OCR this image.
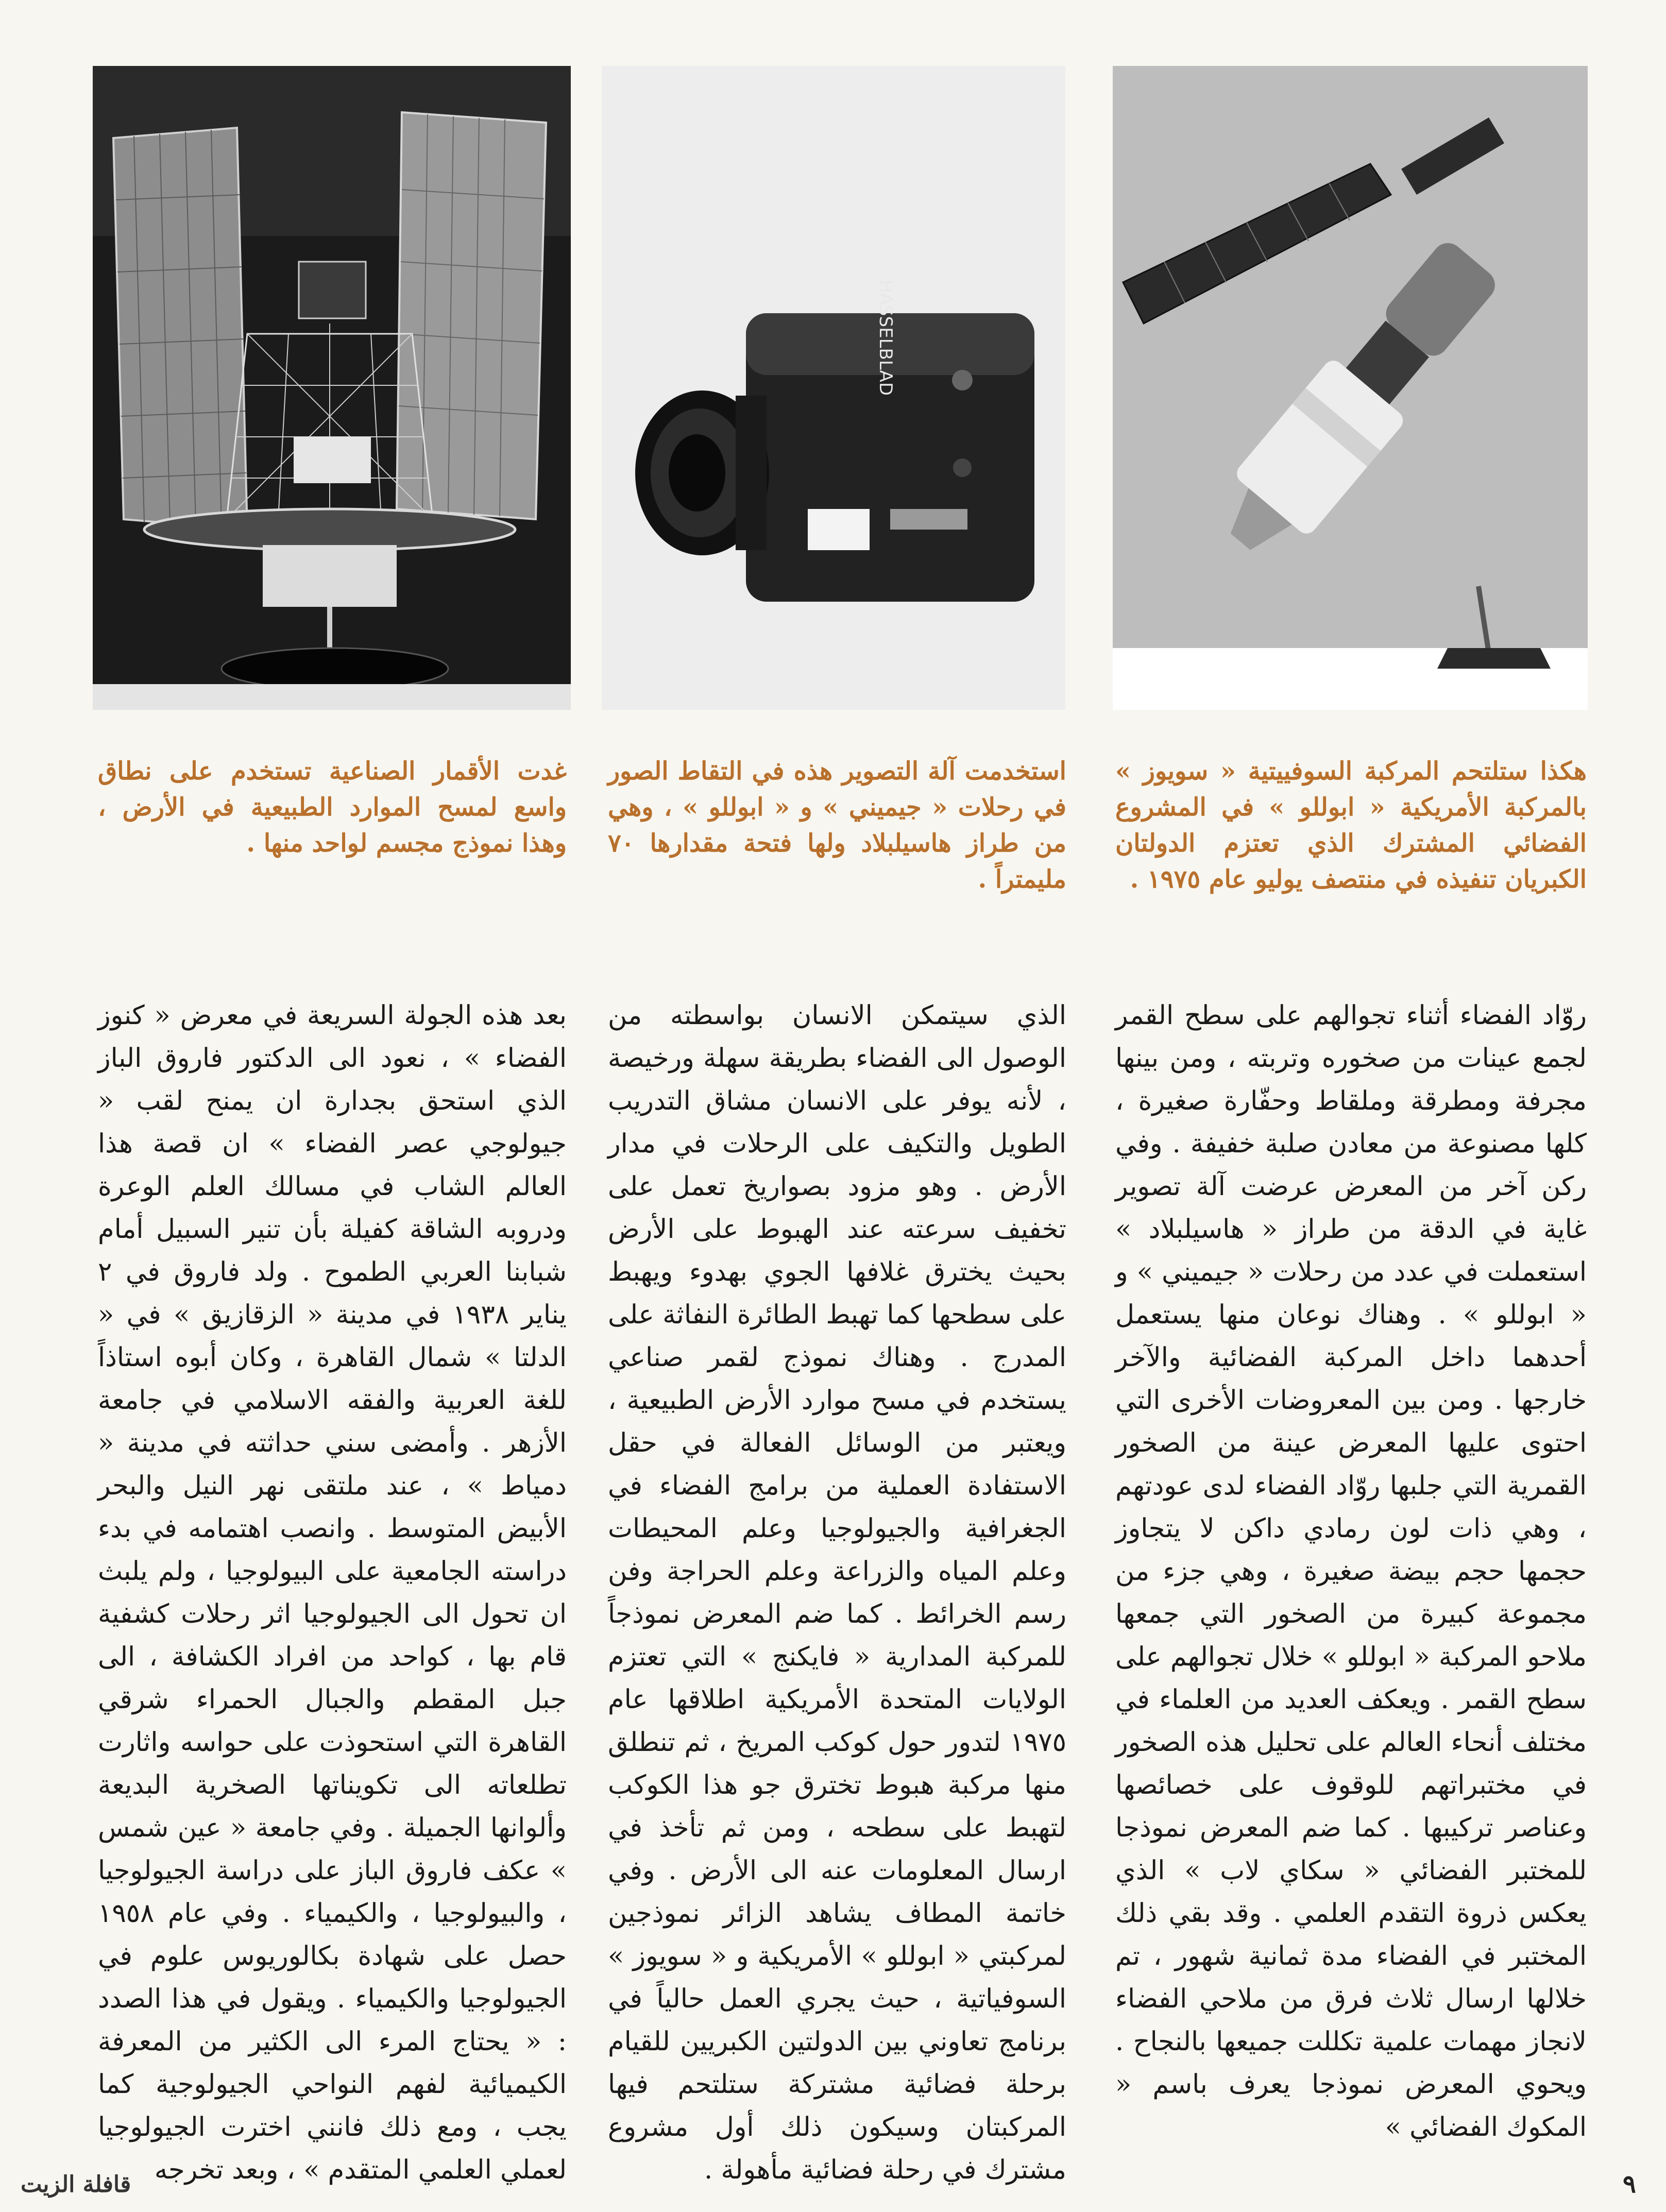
HASSELBLAD
غدت الأقمار الصناعية تستخدم على نطاق واسع لمسح الموارد الطبيعية في الأرض ، وهذا نموذج مجسم لواحد منها .
استخدمت آلة التصوير هذه في التقاط الصور في رحلات « جيميني » و « ابوللو » ، وهي من طراز هاسيلبلاد ولها فتحة مقدارها ٧٠ مليمتراً .
هكذا ستلتحم المركبة السوفييتية « سويوز » بالمركبة الأمريكية « ابوللو » في المشروع الفضائي المشترك الذي تعتزم الدولتان الكبريان تنفيذه في منتصف يوليو عام ١٩٧٥ .
روّاد الفضاء أثناء تجوالهم على سطح القمر لجمع عينات من صخوره وتربته ، ومن بينها مجرفة ومطرقة وملقاط وحفّارة صغيرة ، كلها مصنوعة من معادن صلبة خفيفة . وفي ركن آخر من المعرض عرضت آلة تصوير غاية في الدقة من طراز « هاسيلبلاد » استعملت في عدد من رحلات « جيميني » و « ابوللو » . وهناك نوعان منها يستعمل أحدهما داخل المركبة الفضائية والآخر خارجها . ومن بين المعروضات الأخرى التي احتوى عليها المعرض عينة من الصخور القمرية التي جلبها روّاد الفضاء لدى عودتهم ، وهي ذات لون رمادي داكن لا يتجاوز حجمها حجم بيضة صغيرة ، وهي جزء من مجموعة كبيرة من الصخور التي جمعها ملاحو المركبة « ابوللو » خلال تجوالهم على سطح القمر . ويعكف العديد من العلماء في مختلف أنحاء العالم على تحليل هذه الصخور في مختبراتهم للوقوف على خصائصها وعناصر تركيبها . كما ضم المعرض نموذجا للمختبر الفضائي « سكاي لاب » الذي يعكس ذروة التقدم العلمي . وقد بقي ذلك المختبر في الفضاء مدة ثمانية شهور ، تم خلالها ارسال ثلاث فرق من ملاحي الفضاء لانجاز مهمات علمية تكللت جميعها بالنجاح . ويحوي المعرض نموذجا يعرف باسم « المكوك الفضائي »
الذي سيتمكن الانسان بواسطته من الوصول الى الفضاء بطريقة سهلة ورخيصة ، لأنه يوفر على الانسان مشاق التدريب الطويل والتكيف على الرحلات في مدار الأرض . وهو مزود بصواريخ تعمل على تخفيف سرعته عند الهبوط على الأرض بحيث يخترق غلافها الجوي بهدوء ويهبط على سطحها كما تهبط الطائرة النفاثة على المدرج . وهناك نموذج لقمر صناعي يستخدم في مسح موارد الأرض الطبيعية ، ويعتبر من الوسائل الفعالة في حقل الاستفادة العملية من برامج الفضاء في الجغرافية والجيولوجيا وعلم المحيطات وعلم المياه والزراعة وعلم الحراجة وفن رسم الخرائط . كما ضم المعرض نموذجاً للمركبة المدارية « فايكنج » التي تعتزم الولايات المتحدة الأمريكية اطلاقها عام ١٩٧٥ لتدور حول كوكب المريخ ، ثم تنطلق منها مركبة هبوط تخترق جو هذا الكوكب لتهبط على سطحه ، ومن ثم تأخذ في ارسال المعلومات عنه الى الأرض . وفي خاتمة المطاف يشاهد الزائر نموذجين لمركبتي « ابوللو » الأمريكية و « سويوز » السوفياتية ، حيث يجري العمل حالياً في برنامج تعاوني بين الدولتين الكبريين للقيام برحلة فضائية مشتركة ستلتحم فيها المركبتان وسيكون ذلك أول مشروع مشترك في رحلة فضائية مأهولة .
بعد هذه الجولة السريعة في معرض « كنوز الفضاء » ، نعود الى الدكتور فاروق الباز الذي استحق بجدارة ان يمنح لقب « جيولوجي عصر الفضاء » ان قصة هذا العالم الشاب في مسالك العلم الوعرة ودروبه الشاقة كفيلة بأن تنير السبيل أمام شبابنا العربي الطموح . ولد فاروق في ٢ يناير ١٩٣٨ في مدينة « الزقازيق » في « الدلتا » شمال القاهرة ، وكان أبوه استاذاً للغة العربية والفقه الاسلامي في جامعة الأزهر . وأمضى سني حداثته في مدينة « دمياط » ، عند ملتقى نهر النيل والبحر الأبيض المتوسط . وانصب اهتمامه في بدء دراسته الجامعية على البيولوجيا ، ولم يلبث ان تحول الى الجيولوجيا اثر رحلات كشفية قام بها ، كواحد من افراد الكشافة ، الى جبل المقطم والجبال الحمراء شرقي القاهرة التي استحوذت على حواسه واثارت تطلعاته الى تكويناتها الصخرية البديعة وألوانها الجميلة . وفي جامعة « عين شمس » عكف فاروق الباز على دراسة الجيولوجيا ، والبيولوجيا ، والكيمياء . وفي عام ١٩٥٨ حصل على شهادة بكالوريوس علوم في الجيولوجيا والكيمياء . ويقول في هذا الصدد : « يحتاج المرء الى الكثير من المعرفة الكيميائية لفهم النواحي الجيولوجية كما يجب ، ومع ذلك فانني اخترت الجيولوجيا لعملي العلمي المتقدم » ، وبعد تخرجه
قافلة الزيت	٩
